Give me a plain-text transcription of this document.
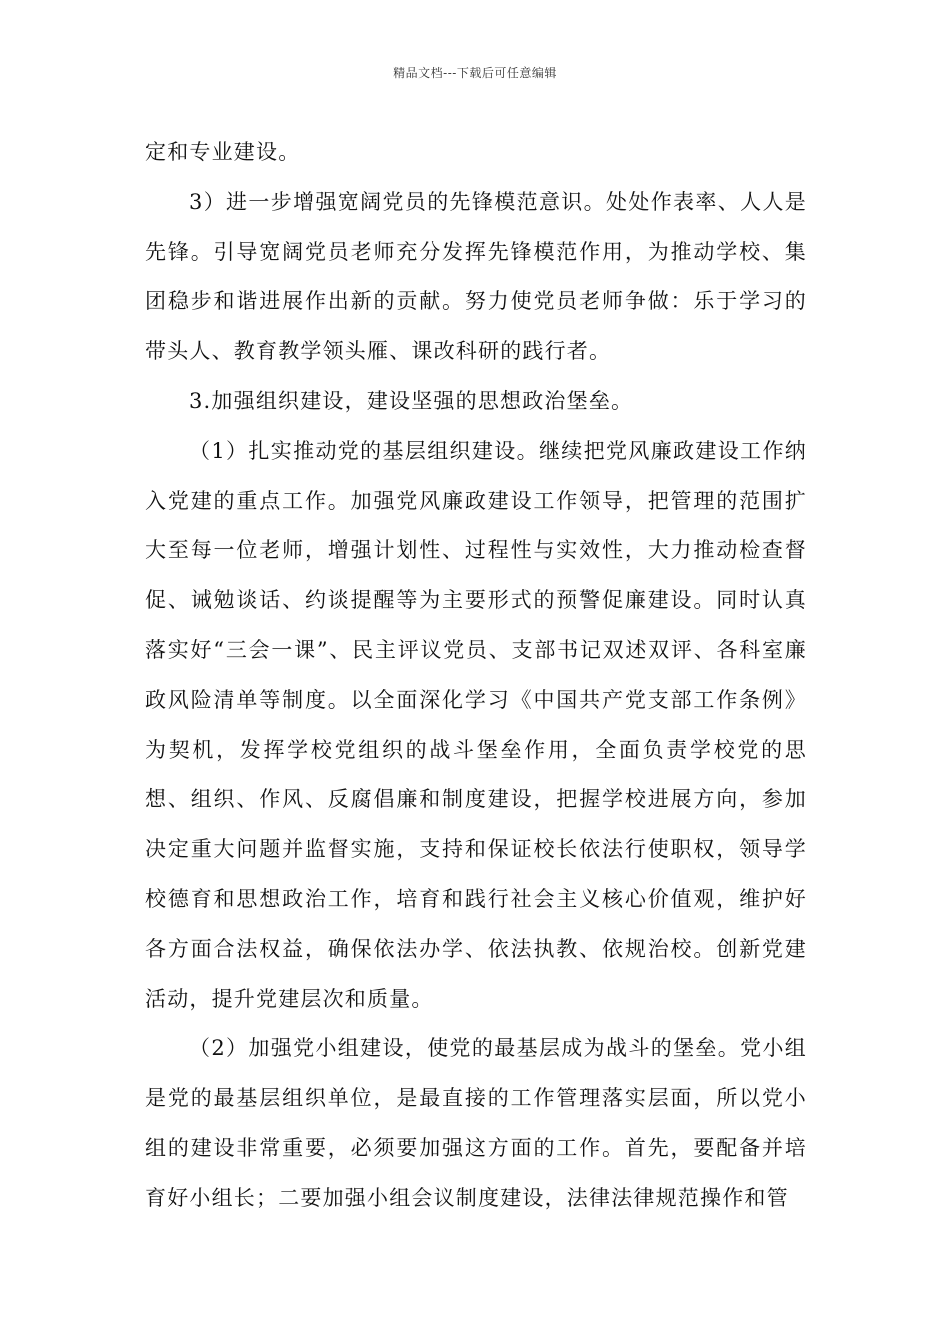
精品文档---下载后可任意编辑

定和专业建设。

3）进一步增强宽阔党员的先锋模范意识。处处作表率、人人是先锋。引导宽阔党员老师充分发挥先锋模范作用，为推动学校、集团稳步和谐进展作出新的贡献。努力使党员老师争做：乐于学习的带头人、教育教学领头雁、课改科研的践行者。

3.加强组织建设，建设坚强的思想政治堡垒。

（1）扎实推动党的基层组织建设。继续把党风廉政建设工作纳入党建的重点工作。加强党风廉政建设工作领导，把管理的范围扩大至每一位老师，增强计划性、过程性与实效性，大力推动检查督促、诫勉谈话、约谈提醒等为主要形式的预警促廉建设。同时认真落实好“三会一课”、民主评议党员、支部书记双述双评、各科室廉政风险清单等制度。以全面深化学习《中国共产党支部工作条例》为契机，发挥学校党组织的战斗堡垒作用，全面负责学校党的思想、组织、作风、反腐倡廉和制度建设，把握学校进展方向，参加决定重大问题并监督实施，支持和保证校长依法行使职权，领导学校德育和思想政治工作，培育和践行社会主义核心价值观，维护好各方面合法权益，确保依法办学、依法执教、依规治校。创新党建活动，提升党建层次和质量。

（2）加强党小组建设，使党的最基层成为战斗的堡垒。党小组是党的最基层组织单位，是最直接的工作管理落实层面，所以党小组的建设非常重要，必须要加强这方面的工作。首先，要配备并培育好小组长；二要加强小组会议制度建设，法律法律规范操作和管
